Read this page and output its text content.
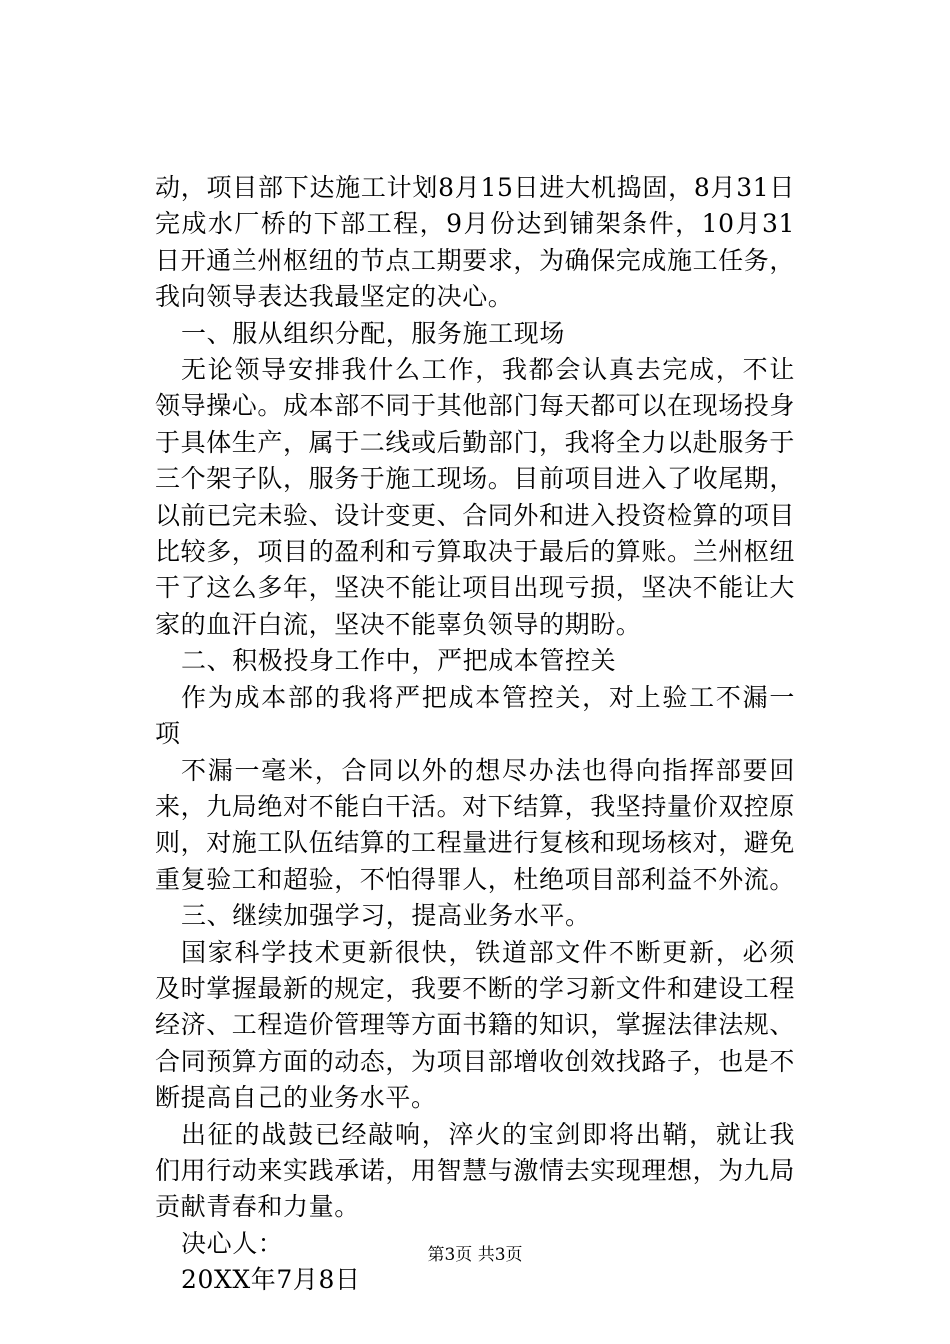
动，项目部下达施工计划8月15日进大机捣固，8月31日完成水厂桥的下部工程，9月份达到铺架条件，10月31日开通兰州枢纽的节点工期要求，为确保完成施工任务，我向领导表达我最坚定的决心。

一、服从组织分配，服务施工现场

无论领导安排我什么工作，我都会认真去完成，不让领导操心。成本部不同于其他部门每天都可以在现场投身于具体生产，属于二线或后勤部门，我将全力以赴服务于三个架子队，服务于施工现场。目前项目进入了收尾期，以前已完未验、设计变更、合同外和进入投资检算的项目比较多，项目的盈利和亏算取决于最后的算账。兰州枢纽干了这么多年，坚决不能让项目出现亏损，坚决不能让大家的血汗白流，坚决不能辜负领导的期盼。

二、积极投身工作中，严把成本管控关

作为成本部的我将严把成本管控关，对上验工不漏一项

不漏一毫米，合同以外的想尽办法也得向指挥部要回来，九局绝对不能白干活。对下结算，我坚持量价双控原则，对施工队伍结算的工程量进行复核和现场核对，避免重复验工和超验，不怕得罪人，杜绝项目部利益不外流。

三、继续加强学习，提高业务水平。

国家科学技术更新很快，铁道部文件不断更新，必须及时掌握最新的规定，我要不断的学习新文件和建设工程经济、工程造价管理等方面书籍的知识，掌握法律法规、合同预算方面的动态，为项目部增收创效找路子，也是不断提高自己的业务水平。

出征的战鼓已经敲响，淬火的宝剑即将出鞘，就让我们用行动来实践承诺，用智慧与激情去实现理想，为九局贡献青春和力量。

决心人：

20XX年7月8日

第3页 共3页
